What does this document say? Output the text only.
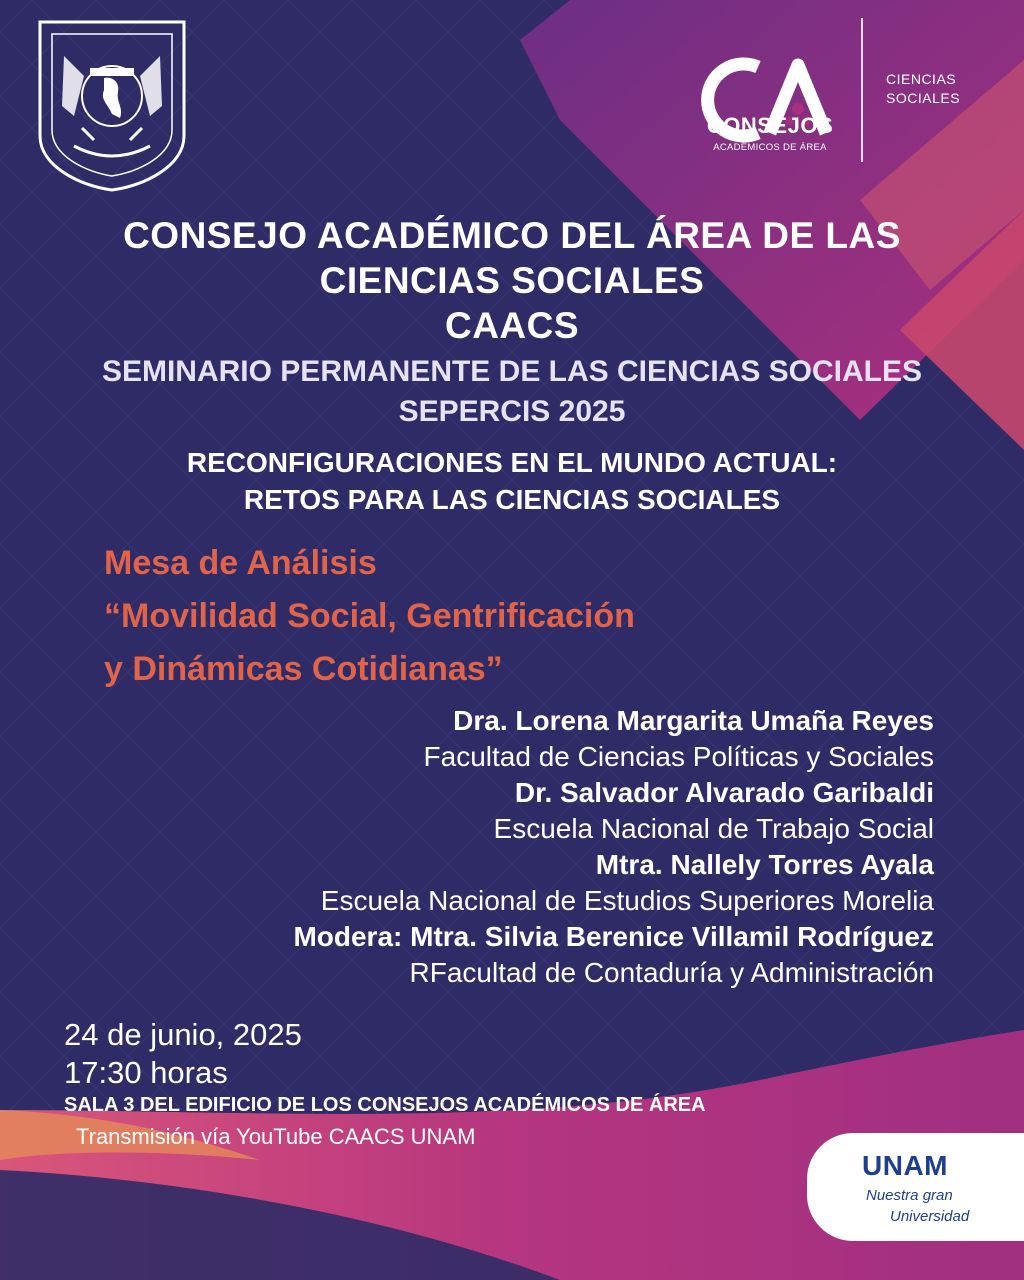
CONSEJOS
ACADÉMICOS DE ÁREA
CIENCIAS
SOCIALES
CONSEJO ACADÉMICO DEL ÁREA DE LAS
CIENCIAS SOCIALES
CAACS
SEMINARIO PERMANENTE DE LAS CIENCIAS SOCIALES
SEPERCIS 2025
RECONFIGURACIONES EN EL MUNDO ACTUAL:
RETOS PARA LAS CIENCIAS SOCIALES
Mesa de Análisis
“Movilidad Social, Gentrificación
y Dinámicas Cotidianas”
Dra. Lorena Margarita Umaña Reyes
Facultad de Ciencias Políticas y Sociales
Dr. Salvador Alvarado Garibaldi
Escuela Nacional de Trabajo Social
Mtra. Nallely Torres Ayala
Escuela Nacional de Estudios Superiores Morelia
Modera: Mtra. Silvia Berenice Villamil Rodríguez
RFacultad de Contaduría y Administración
24 de junio, 2025
17:30 horas
SALA 3 DEL EDIFICIO DE LOS CONSEJOS ACADÉMICOS DE ÁREA
Transmisión vía YouTube CAACS UNAM
UNAM
Nuestra gran
Universidad
